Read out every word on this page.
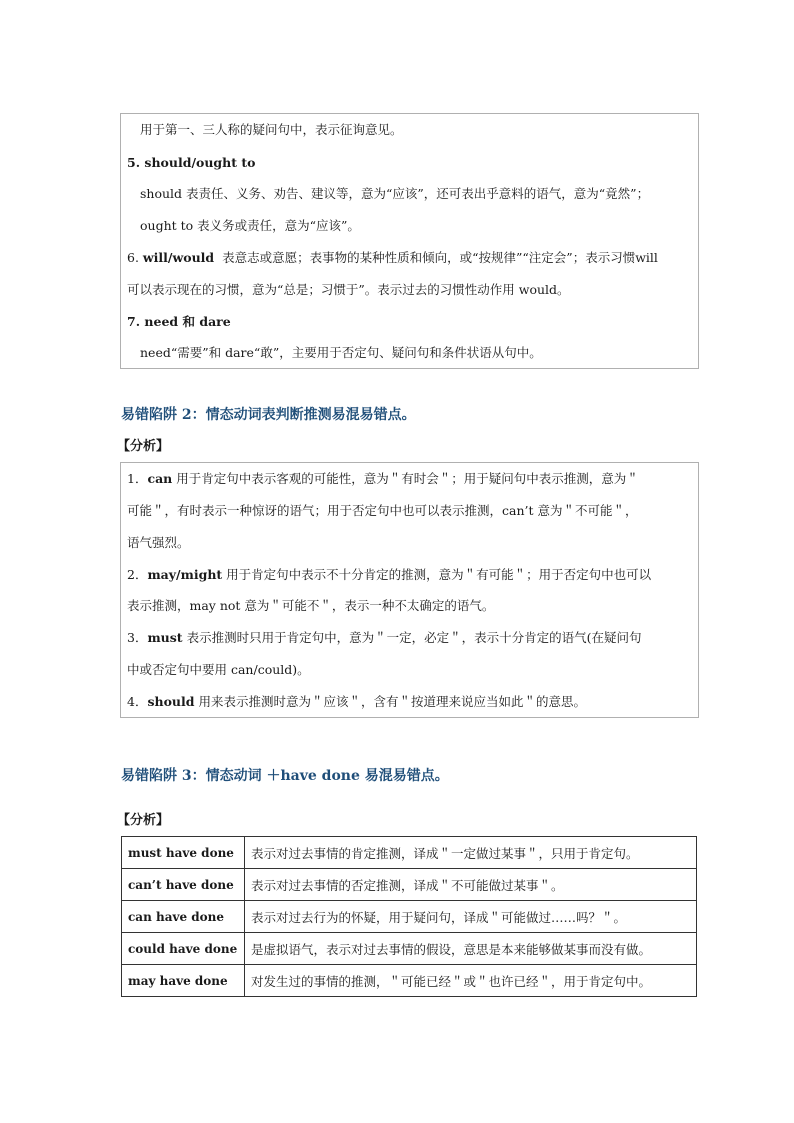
用于第一、三人称的疑问句中，表示征询意见。
5. should/ought to
should 表责任、义务、劝告、建议等，意为“应该”，还可表出乎意料的语气，意为“竟然”；
ought to 表义务或责任，意为“应该”。
6. will/would 表意志或意愿；表事物的某种性质和倾向，或“按规律”“注定会”；表示习惯will
可以表示现在的习惯，意为“总是；习惯于”。表示过去的习惯性动作用 would。
7. need 和 dare
need“需要”和 dare“敢”，主要用于否定句、疑问句和条件状语从句中。
易错陷阱 2：情态动词表判断推测易混易错点。
【分析】
1．can 用于肯定句中表示客观的可能性，意为＂有时会＂；用于疑问句中表示推测，意为＂
可能＂，有时表示一种惊讶的语气；用于否定句中也可以表示推测，can’t 意为＂不可能＂，
语气强烈。
2．may/might 用于肯定句中表示不十分肯定的推测，意为＂有可能＂；用于否定句中也可以
表示推测，may not 意为＂可能不＂，表示一种不太确定的语气。
3．must 表示推测时只用于肯定句中，意为＂一定，必定＂，表示十分肯定的语气(在疑问句
中或否定句中要用 can/could)。
4．should 用来表示推测时意为＂应该＂，含有＂按道理来说应当如此＂的意思。
易错陷阱 3：情态动词 ＋have done 易混易错点。
【分析】
must have done	表示对过去事情的肯定推测，译成＂一定做过某事＂，只用于肯定句。
can’t have done	表示对过去事情的否定推测，译成＂不可能做过某事＂。
can have done	表示对过去行为的怀疑，用于疑问句，译成＂可能做过……吗？＂。
could have done	是虚拟语气，表示对过去事情的假设，意思是本来能够做某事而没有做。
may have done	对发生过的事情的推测，＂可能已经＂或＂也许已经＂，用于肯定句中。
